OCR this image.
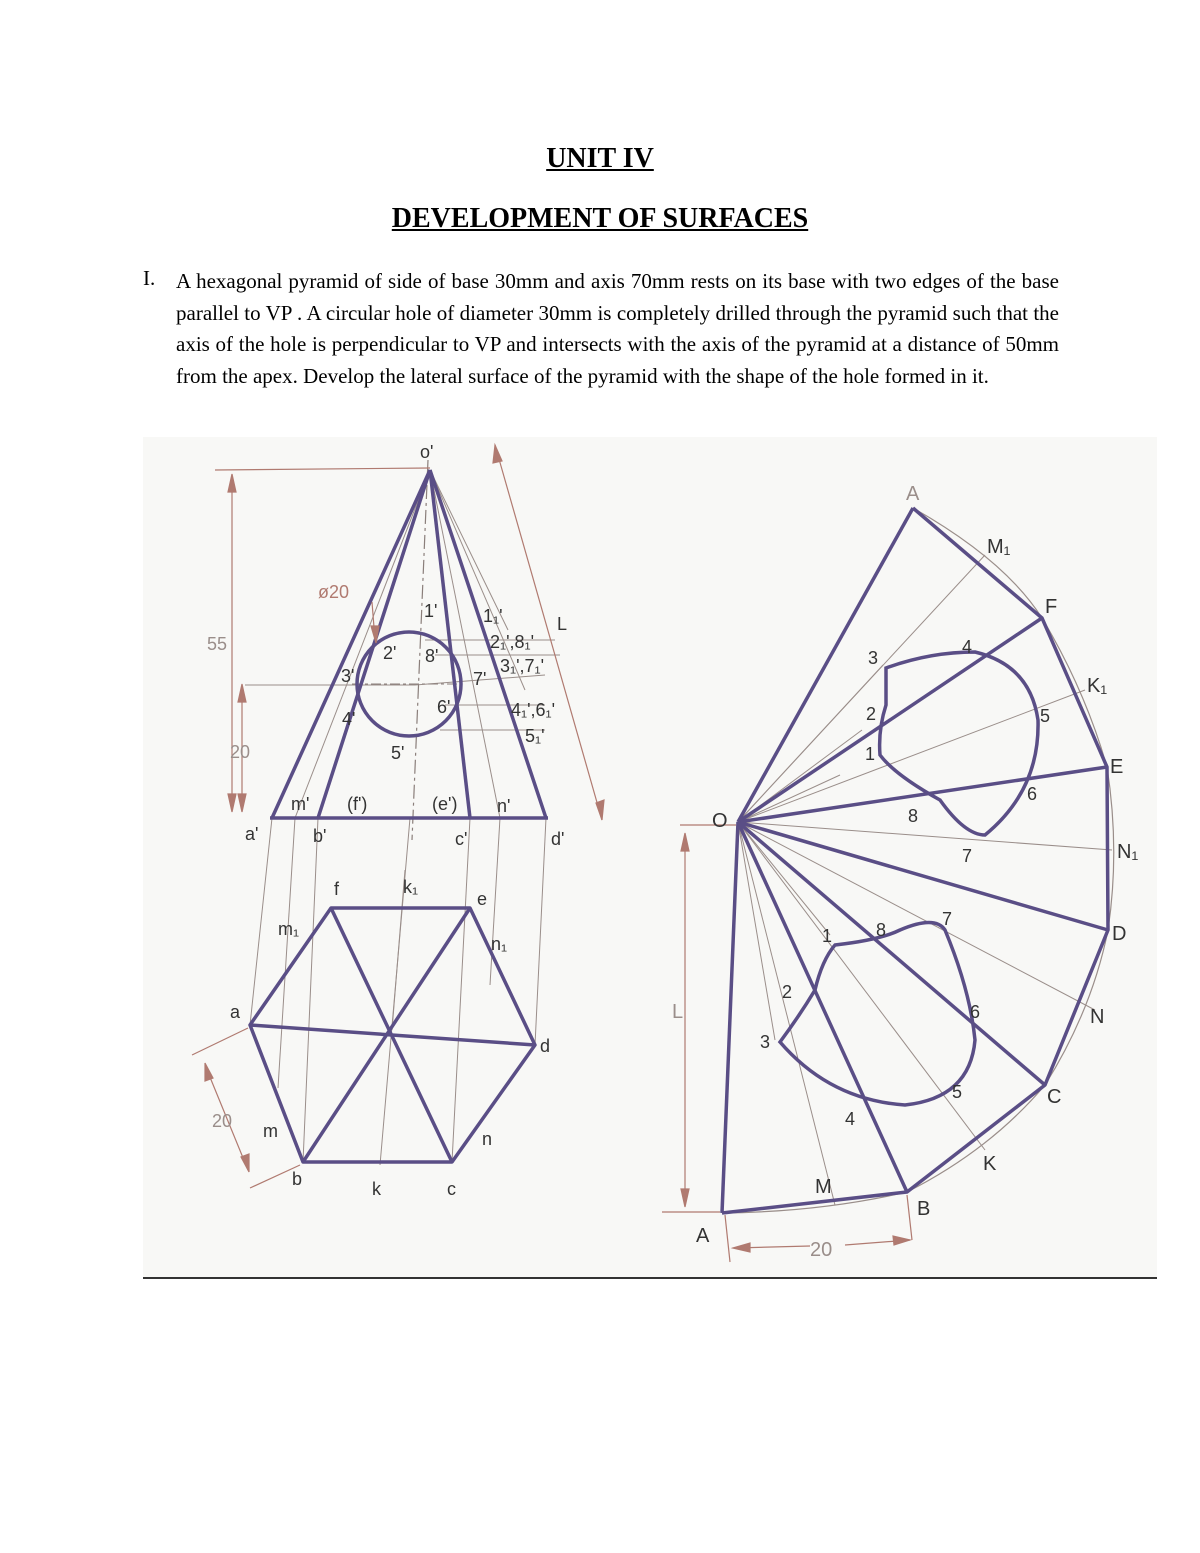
UNIT IV
DEVELOPMENT OF SURFACES
I. A hexagonal pyramid of side of base 30mm and axis 70mm rests on its base with two edges of the base parallel to VP . A circular hole of diameter 30mm is completely drilled through the pyramid such that the axis of the hole is perpendicular to VP and intersects with the axis of the pyramid at a distance of 50mm from the apex. Develop the lateral surface of the pyramid with the shape of the hole formed in it.
o'
55
20
ø20
a'	b'	c'	d'
m' (f')	(e') n'
1'
2'
3'
4'
5'
6'
7'
8'
1₁'
2₁',8₁'
3₁',7₁'
4₁',6₁'
5₁'
L
20
a
b	c
d
e
f
k
k₁
m
m₁
n
n₁
O
L
20
A
F
E
D
C
B
A
M₁
K₁
N₁
N
K
M
1
2
3
4
5
6
7
8
1
2
3
4
5
6
7
8
